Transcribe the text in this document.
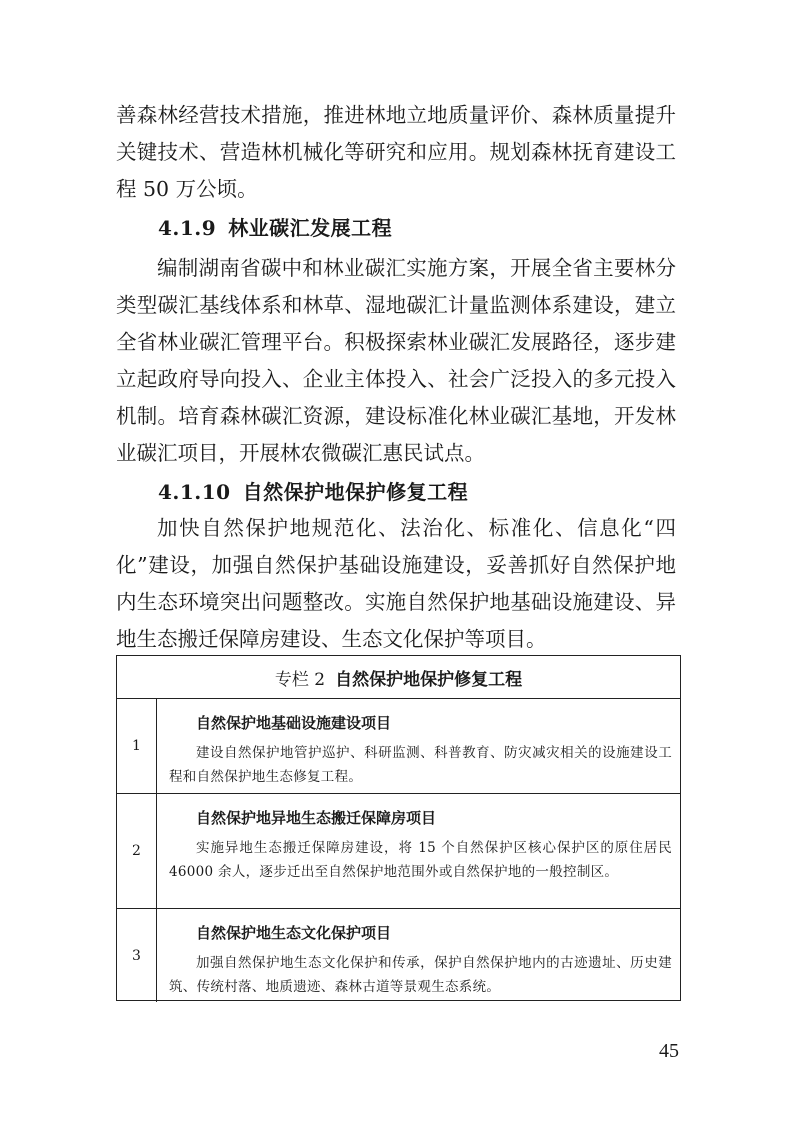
善森林经营技术措施，推进林地立地质量评价、森林质量提升关键技术、营造林机械化等研究和应用。规划森林抚育建设工程 50 万公顷。

4.1.9 林业碳汇发展工程

编制湖南省碳中和林业碳汇实施方案，开展全省主要林分类型碳汇基线体系和林草、湿地碳汇计量监测体系建设，建立全省林业碳汇管理平台。积极探索林业碳汇发展路径，逐步建立起政府导向投入、企业主体投入、社会广泛投入的多元投入机制。培育森林碳汇资源，建设标准化林业碳汇基地，开发林业碳汇项目，开展林农微碳汇惠民试点。

4.1.10 自然保护地保护修复工程

加快自然保护地规范化、法治化、标准化、信息化“四化”建设，加强自然保护基础设施建设，妥善抓好自然保护地内生态环境突出问题整改。实施自然保护地基础设施建设、异地生态搬迁保障房建设、生态文化保护等项目。

专栏 2 自然保护地保护修复工程
1
自然保护地基础设施建设项目

建设自然保护地管护巡护、科研监测、科普教育、防灾减灾相关的设施建设工程和自然保护地生态修复工程。

2
自然保护地异地生态搬迁保障房项目

实施异地生态搬迁保障房建设，将 15 个自然保护区核心保护区的原住居民 46000 余人，逐步迁出至自然保护地范围外或自然保护地的一般控制区。

3
自然保护地生态文化保护项目

加强自然保护地生态文化保护和传承，保护自然保护地内的古迹遗址、历史建筑、传统村落、地质遗迹、森林古道等景观生态系统。

45
